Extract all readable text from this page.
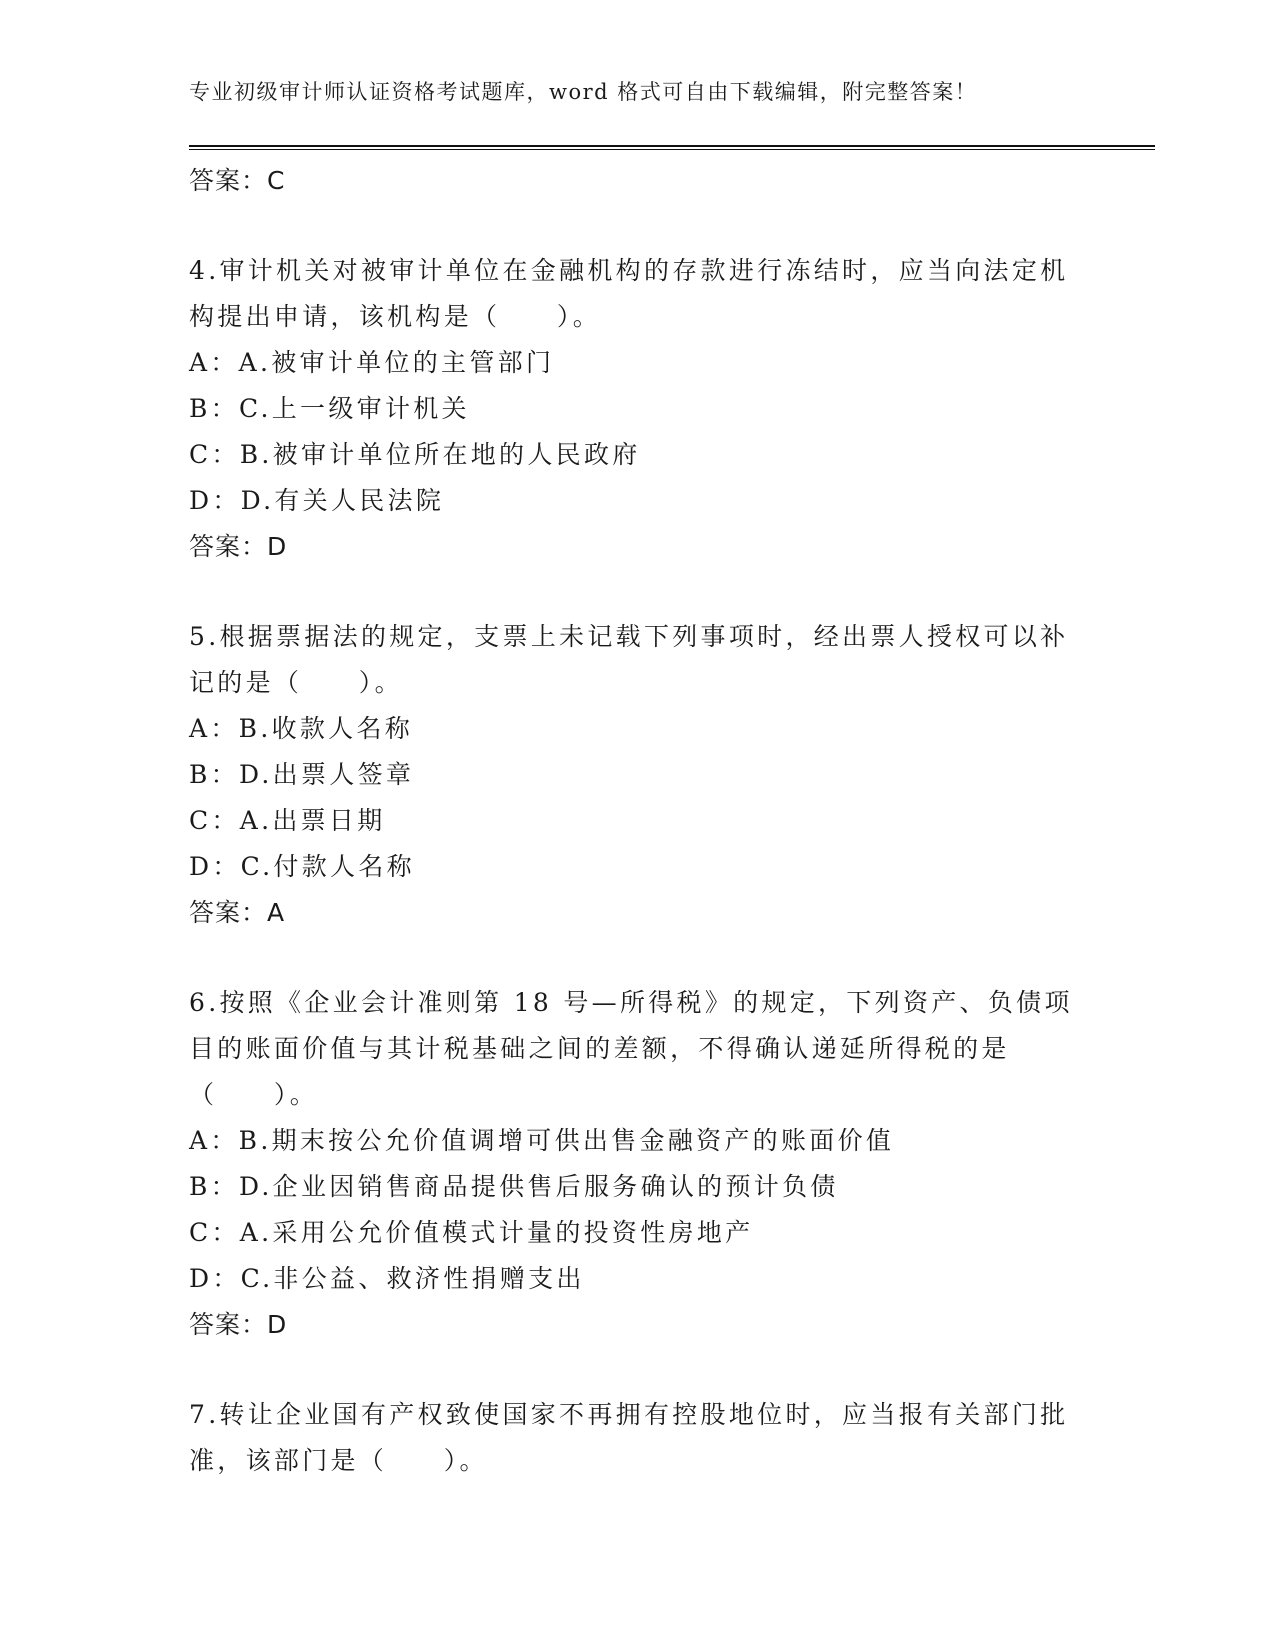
专业初级审计师认证资格考试题库，word 格式可自由下载编辑，附完整答案！
答案：C
4.审计机关对被审计单位在金融机构的存款进行冻结时，应当向法定机构提出申请，该机构是（　　）。
A：A.被审计单位的主管部门
B：C.上一级审计机关
C：B.被审计单位所在地的人民政府
D：D.有关人民法院
答案：D
5.根据票据法的规定，支票上未记载下列事项时，经出票人授权可以补记的是（　　）。
A：B.收款人名称
B：D.出票人签章
C：A.出票日期
D：C.付款人名称
答案：A
6.按照《企业会计准则第 18 号—所得税》的规定，下列资产、负债项目的账面价值与其计税基础之间的差额，不得确认递延所得税的是（　　）。
A：B.期末按公允价值调增可供出售金融资产的账面价值
B：D.企业因销售商品提供售后服务确认的预计负债
C：A.采用公允价值模式计量的投资性房地产
D：C.非公益、救济性捐赠支出
答案：D
7.转让企业国有产权致使国家不再拥有控股地位时，应当报有关部门批准，该部门是（　　）。
